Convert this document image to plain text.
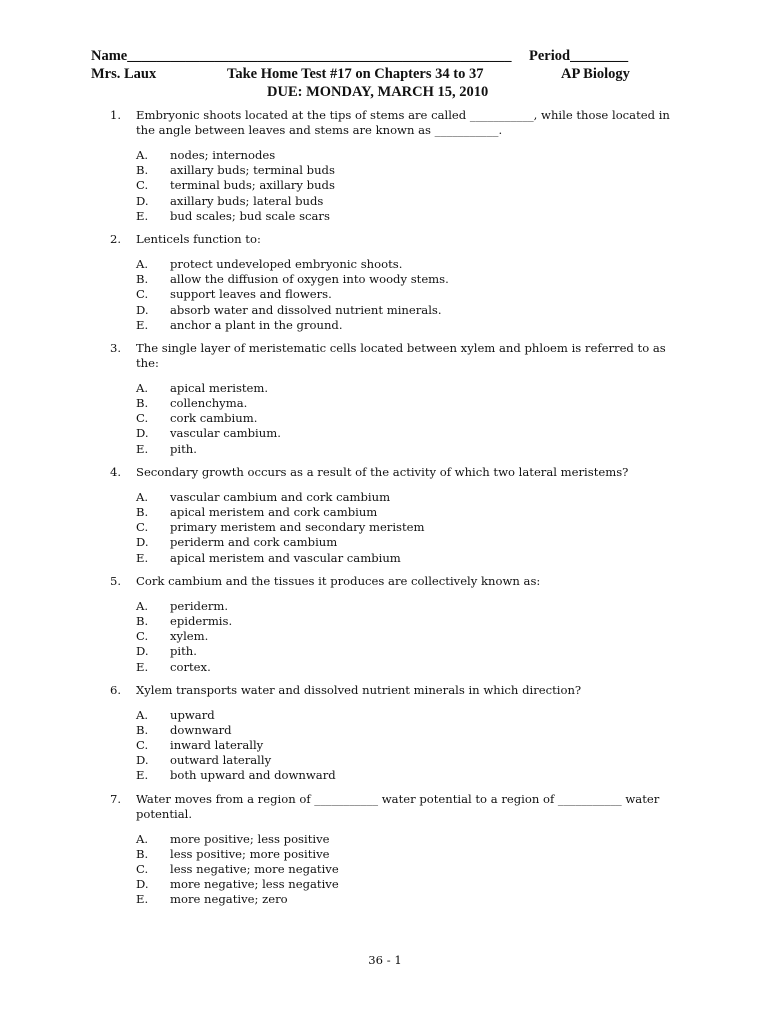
Name_____________________________________________________ Period________
Mrs. Laux	Take Home Test #17 on Chapters 34 to 37	AP Biology
DUE: MONDAY, MARCH 15, 2010
1.	Embryonic shoots located at the tips of stems are called ___________, while those located in the angle between leaves and stems are known as ___________.
A.	nodes; internodes
B.	axillary buds; terminal buds
C.	terminal buds; axillary buds
D.	axillary buds; lateral buds
E.	bud scales; bud scale scars
2.	Lenticels function to:
A.	protect undeveloped embryonic shoots.
B.	allow the diffusion of oxygen into woody stems.
C.	support leaves and flowers.
D.	absorb water and dissolved nutrient minerals.
E.	anchor a plant in the ground.
3.	The single layer of meristematic cells located between xylem and phloem is referred to as the:
A.	apical meristem.
B.	collenchyma.
C.	cork cambium.
D.	vascular cambium.
E.	pith.
4.	Secondary growth occurs as a result of the activity of which two lateral meristems?
A.	vascular cambium and cork cambium
B.	apical meristem and cork cambium
C.	primary meristem and secondary meristem
D.	periderm and cork cambium
E.	apical meristem and vascular cambium
5.	Cork cambium and the tissues it produces are collectively known as:
A.	periderm.
B.	epidermis.
C.	xylem.
D.	pith.
E.	cortex.
6.	Xylem transports water and dissolved nutrient minerals in which direction?
A.	upward
B.	downward
C.	inward laterally
D.	outward laterally
E.	both upward and downward
7.	Water moves from a region of ___________ water potential to a region of ___________ water potential.
A.	more positive; less positive
B.	less positive; more positive
C.	less negative; more negative
D.	more negative; less negative
E.	more negative; zero
36 - 1
